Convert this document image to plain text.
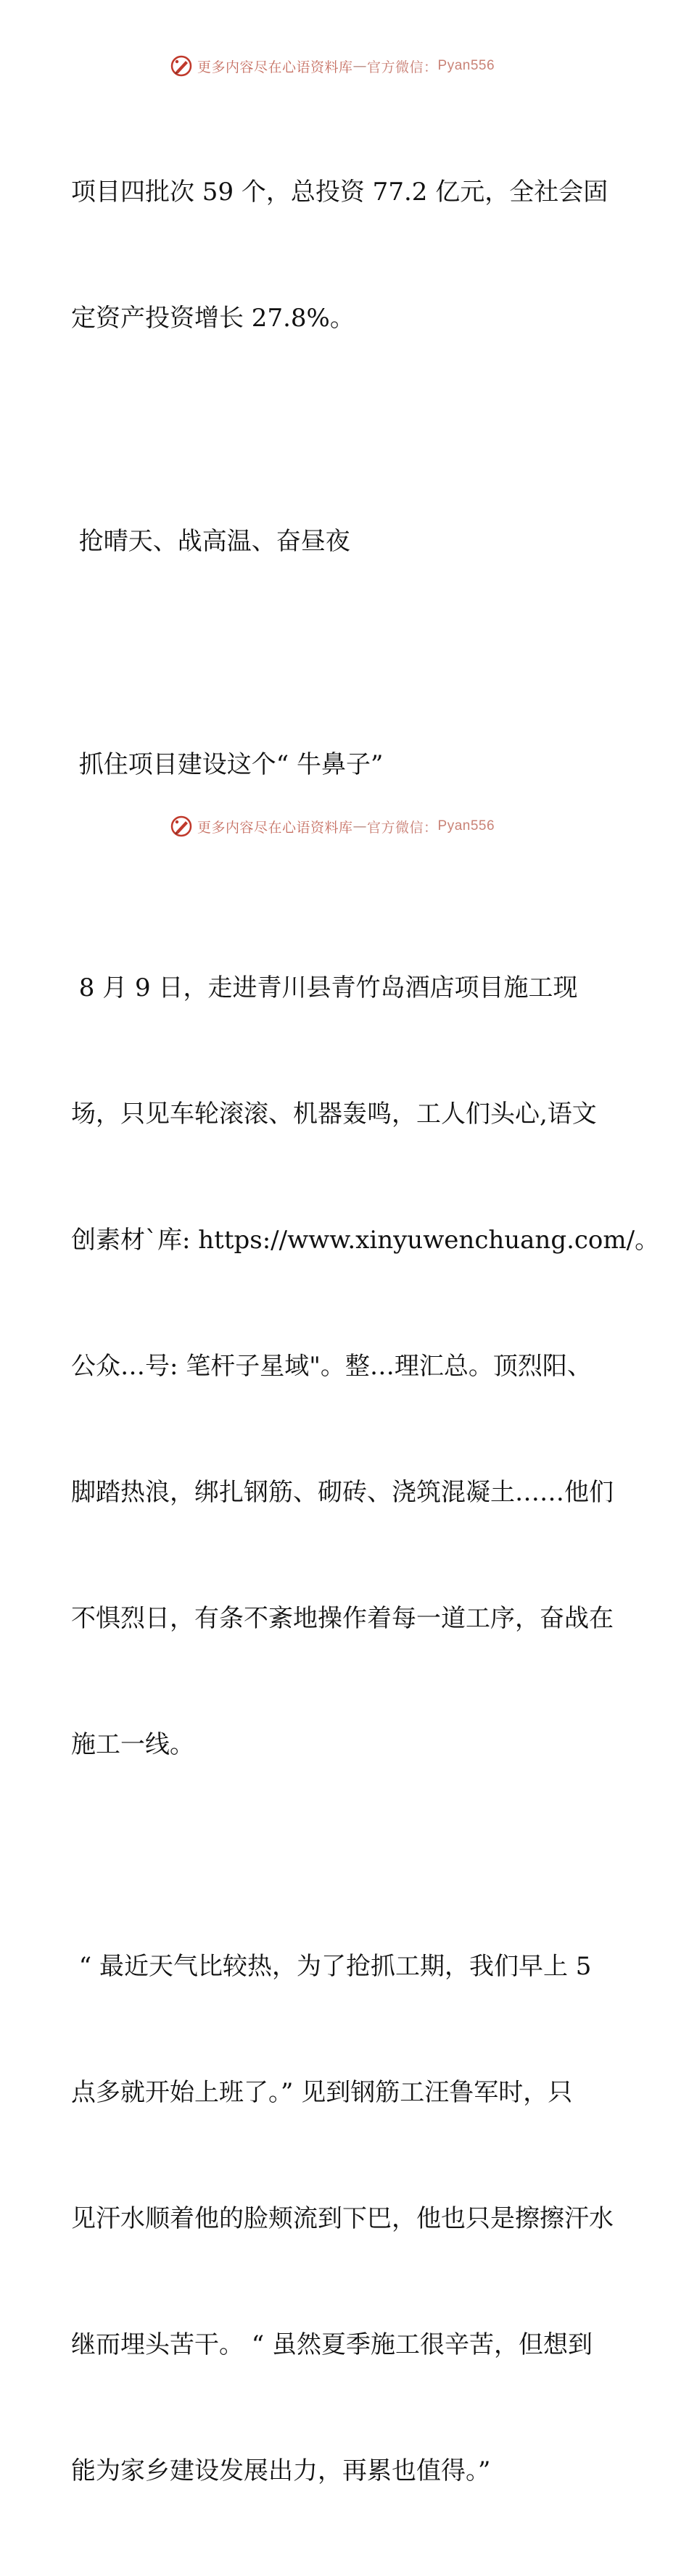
更多内容尽在心语资料库 — 官方微信： Pyan556

项目四批次 59 个，总投资 77.2 亿元，全社会固

定资产投资增长 27.8%。

抢晴天、战高温、奋昼夜

抓住项目建设这个“ 牛鼻子”

8 月 9 日，走进青川县青竹岛酒店项目施工现

场，只见车轮滚滚、机器轰鸣，工人们头心,语文

创素材`库: https://www.xinyuwenchuang.com/。

公众…号: 笔杆子星域"。整…理汇总。顶烈阳、

脚踏热浪，绑扎钢筋、砌砖、浇筑混凝土……他们

不惧烈日，有条不紊地操作着每一道工序，奋战在

施工一线。

“ 最近天气比较热，为了抢抓工期，我们早上 5

点多就开始上班了。” 见到钢筋工汪鲁军时，只

见汗水顺着他的脸颊流到下巴，他也只是擦擦汗水

继而埋头苦干。 “ 虽然夏季施工很辛苦，但想到

能为家乡建设发展出力，再累也值得。”

更多内容尽在心语资料库 — 官方微信： Pyan556
